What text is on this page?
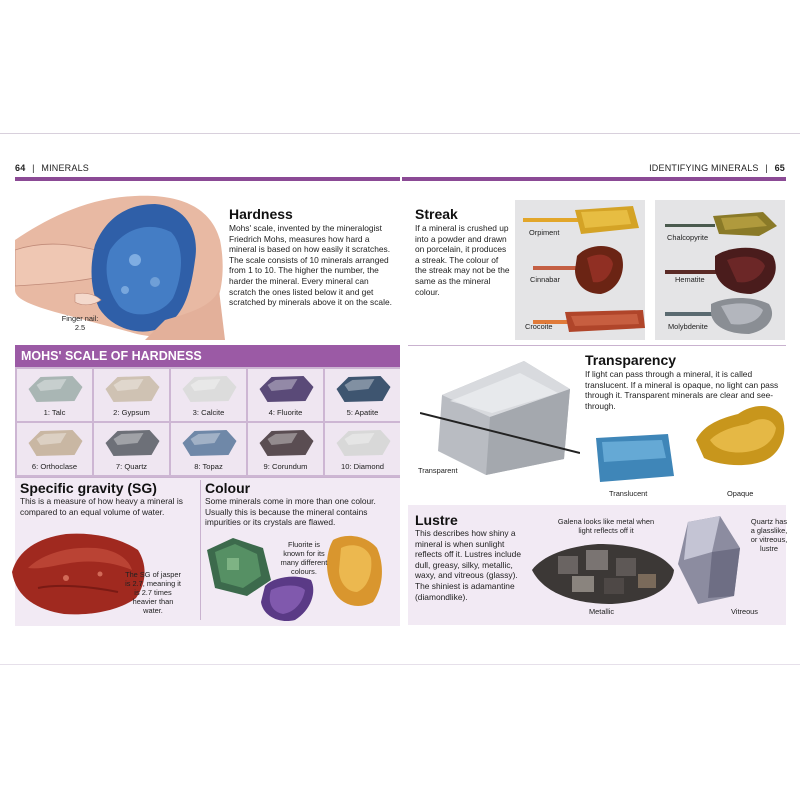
64 | MINERALS	IDENTIFYING MINERALS | 65
Finger nail: 2.5
Hardness
Mohs' scale, invented by the mineralogist Friedrich Mohs, measures how hard a mineral is based on how easily it scratches. The scale consists of 10 minerals arranged from 1 to 10. The higher the number, the harder the mineral. Every mineral can scratch the ones listed below it and get scratched by minerals above it on the scale.
MOHS' SCALE OF HARDNESS
1: Talc	2: Gypsum	3: Calcite	4: Fluorite	5: Apatite
6: Orthoclase	7: Quartz	8: Topaz	9: Corundum	10: Diamond
Specific gravity (SG)
This is a measure of how heavy a mineral is compared to an equal volume of water.
The SG of jasper is 2.7, meaning it is 2.7 times heavier than water.
Colour
Some minerals come in more than one colour. Usually this is because the mineral contains impurities or its crystals are flawed.
Fluorite is known for its many different colours.
Streak
If a mineral is crushed up into a powder and drawn on porcelain, it produces a streak. The colour of the streak may not be the same as the mineral colour.
Orpiment
Cinnabar
Crocoite
Chalcopyrite
Hematite
Molybdenite
Transparency
If light can pass through a mineral, it is called translucent. If a mineral is opaque, no light can pass through it. Transparent minerals are clear and see-through.
Transparent
Translucent	Opaque
Lustre
This describes how shiny a mineral is when sunlight reflects off it. Lustres include dull, greasy, silky, metallic, waxy, and vitreous (glassy). The shiniest is adamantine (diamondlike).
Galena looks like metal when light reflects off it
Metallic
Quartz has a glasslike, or vitreous, lustre
Vitreous
